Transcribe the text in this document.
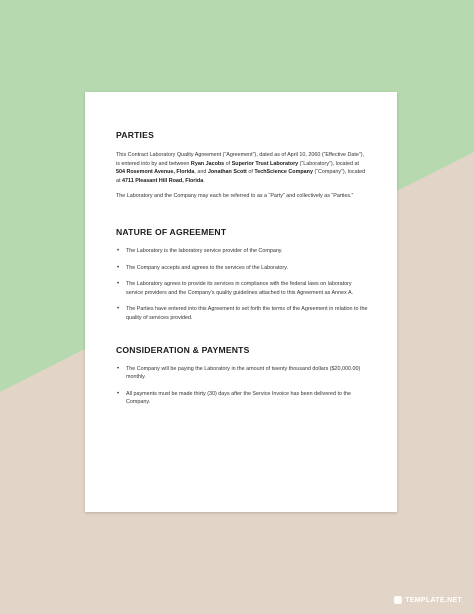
PARTIES

This Contract Laboratory Quality Agreement (“Agreement”), dated as of April 10, 2060 (“Effective Date”), is entered into by and between Ryan Jacobs of Superior Trust Laboratory (“Laboratory”), located at 504 Rosemont Avenue, Florida, and Jonathan Scott of TechScience Company (“Company”), located at 4711 Pleasant Hill Road, Florida.

The Laboratory and the Company may each be referred to as a “Party” and collectively as “Parties.”

NATURE OF AGREEMENT

• The Laboratory is the laboratory service provider of the Company.
• The Company accepts and agrees to the services of the Laboratory.
• The Laboratory agrees to provide its services in compliance with the federal laws on laboratory service providers and the Company’s quality guidelines attached to this Agreement as Annex A.
• The Parties have entered into this Agreement to set forth the terms of the Agreement in relation to the quality of services provided.

CONSIDERATION & PAYMENTS

• The Company will be paying the Laboratory in the amount of twenty thousand dollars ($20,000.00) monthly.
• All payments must be made thirty (30) days after the Service Invoice has been delivered to the Company.
TEMPLATE.NET
